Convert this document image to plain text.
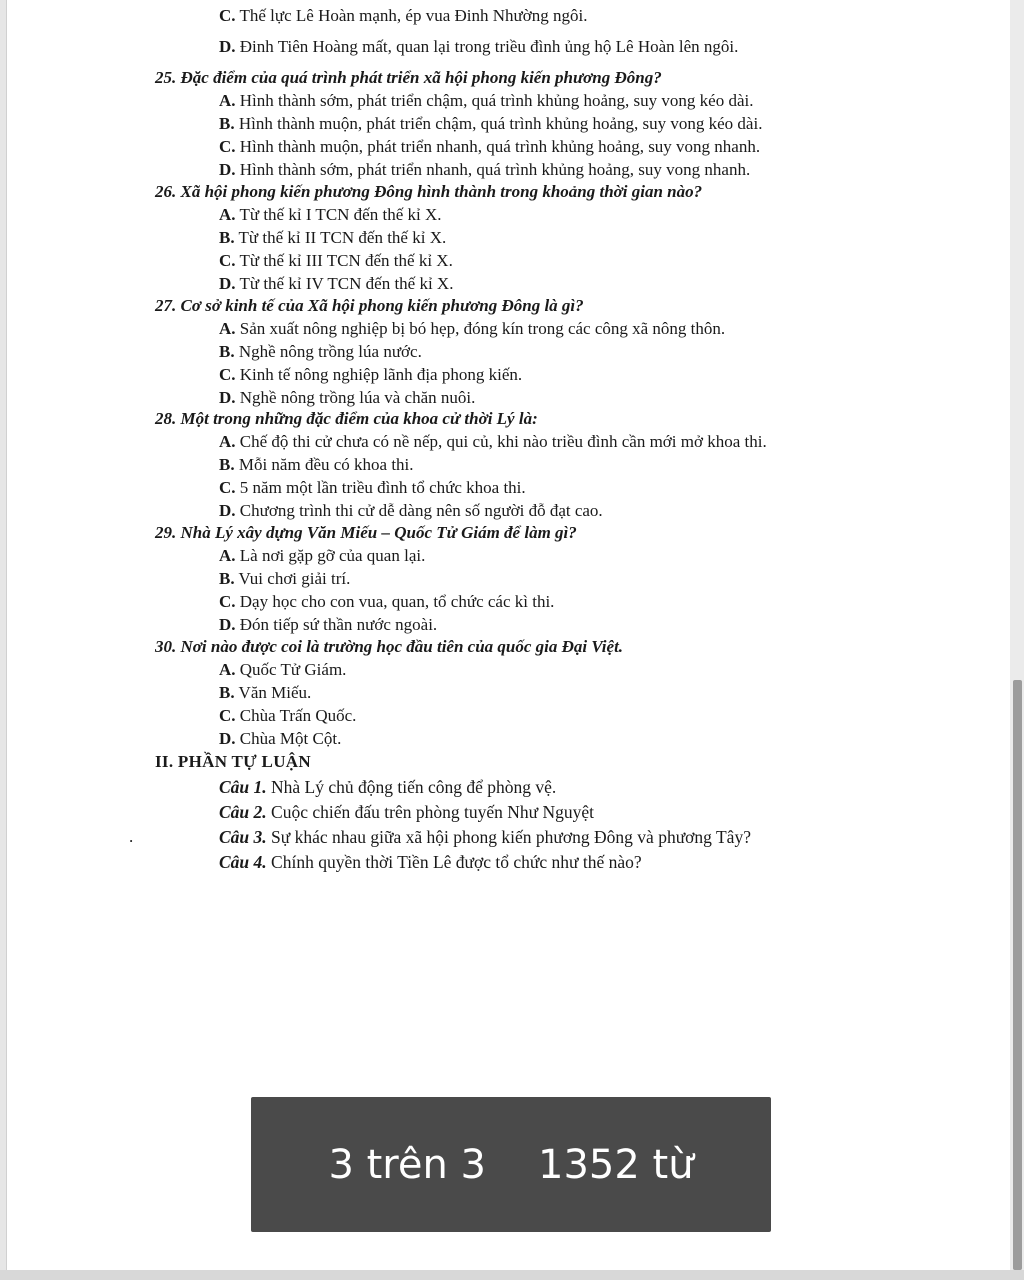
C. Thế lực Lê Hoàn mạnh, ép vua Đinh Nhường ngôi.
D. Đinh Tiên Hoàng mất, quan lại trong triều đình ủng hộ Lê Hoàn lên ngôi.
25. Đặc điểm của quá trình phát triển xã hội phong kiến phương Đông?
A. Hình thành sớm, phát triển chậm, quá trình khủng hoảng, suy vong kéo dài.
B. Hình thành muộn, phát triển chậm, quá trình khủng hoảng, suy vong kéo dài.
C. Hình thành muộn, phát triển nhanh, quá trình khủng hoảng, suy vong nhanh.
D. Hình thành sớm, phát triển nhanh, quá trình khủng hoảng, suy vong nhanh.
26. Xã hội phong kiến phương Đông hình thành trong khoảng thời gian nào?
A. Từ thế kỉ I TCN đến thế kỉ X.
B. Từ thế kỉ II TCN đến thế kỉ X.
C. Từ thế kỉ III TCN đến thế kỉ X.
D. Từ thế kỉ IV TCN đến thế kỉ X.
27. Cơ sở kinh tế của Xã hội phong kiến phương Đông là gì?
A. Sản xuất nông nghiệp bị bó hẹp, đóng kín trong các công xã nông thôn.
B. Nghề nông trồng lúa nước.
C. Kinh tế nông nghiệp lãnh địa phong kiến.
D. Nghề nông trồng lúa và chăn nuôi.
28. Một trong những đặc điểm của khoa cử thời Lý là:
A. Chế độ thi cử chưa có nề nếp, qui củ, khi nào triều đình cần mới mở khoa thi.
B. Mỗi năm đều có khoa thi.
C. 5 năm một lần triều đình tổ chức khoa thi.
D. Chương trình thi cử dễ dàng nên số người đỗ đạt cao.
29. Nhà Lý xây dựng Văn Miếu – Quốc Tử Giám để làm gì?
A. Là nơi gặp gỡ của quan lại.
B. Vui chơi giải trí.
C. Dạy học cho con vua, quan, tổ chức các kì thi.
D. Đón tiếp sứ thần nước ngoài.
30. Nơi nào được coi là trường học đầu tiên của quốc gia Đại Việt.
A. Quốc Tử Giám.
B. Văn Miếu.
C. Chùa Trấn Quốc.
D. Chùa Một Cột.
II. PHẦN TỰ LUẬN
Câu 1. Nhà Lý chủ động tiến công để phòng vệ.
Câu 2. Cuộc chiến đấu trên phòng tuyến Như Nguyệt
.	Câu 3. Sự khác nhau giữa xã hội phong kiến phương Đông và phương Tây?
Câu 4. Chính quyền thời Tiền Lê được tổ chức như thế nào?
3 trên 3 1352 từ
